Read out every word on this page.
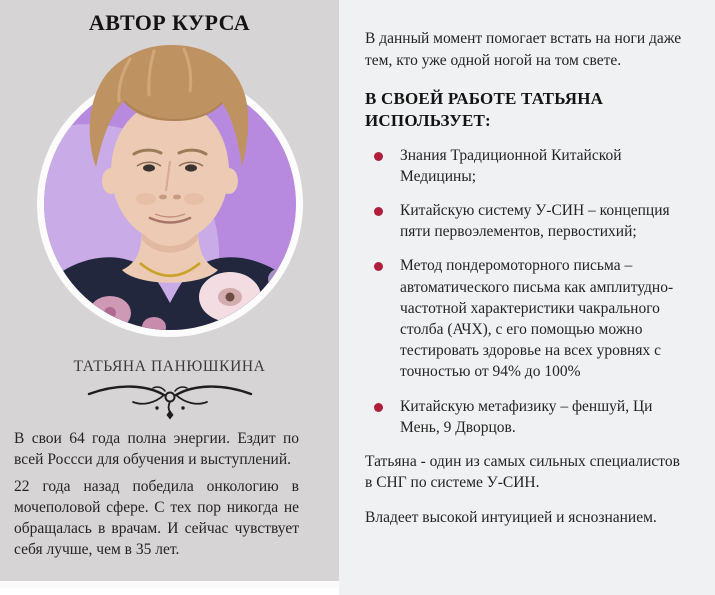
АВТОР КУРСА
ТАТЬЯНА ПАНЮШКИНА

В свои 64 года полна энергии. Ездит по всей Россси для обучения и выступлений.

22 года назад победила онкологию в мочеполовой сфере. С тех пор никогда не обращалась в врачам. И сейчас чувствует себя лучше, чем в 35 лет.

В данный момент помогает встать на ноги даже тем, кто уже одной ногой на том свете.

В СВОЕЙ РАБОТЕ ТАТЬЯНА ИСПОЛЬЗУЕТ:
Знания Традиционной Китайской Медицины;
Китайскую систему У-СИН – концепция пяти первоэлементов, первостихий;
Метод пондеромоторного письма – автоматического письма как амплитудно-частотной характеристики чакрального столба (АЧХ), с его помощью можно тестировать здоровье на всех уровнях с точностью от 94% до 100%
Китайскую метафизику – феншуй, Ци Мень, 9 Дворцов.

Татьяна - один из самых сильных специалистов в СНГ по системе У-СИН.

Владеет высокой интуицией и яснознанием.
